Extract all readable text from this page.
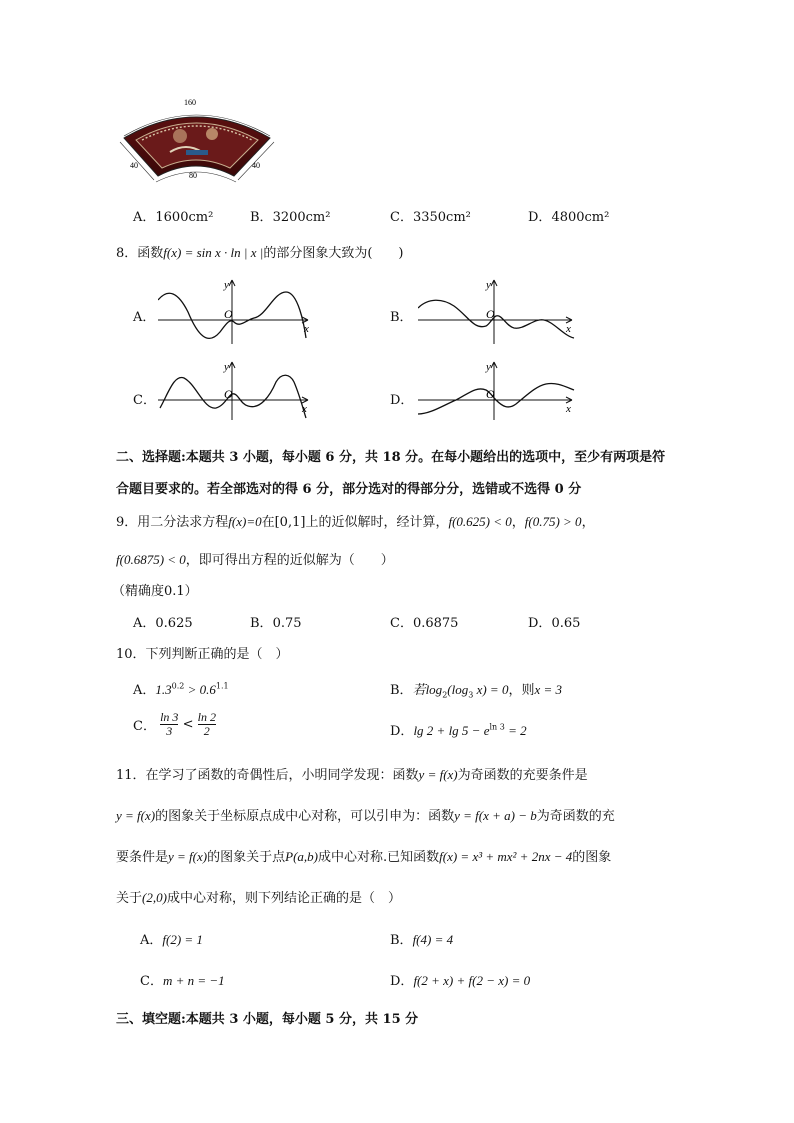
160
40	40
80
A．1600cm²	B．3200cm²	C．3350cm²	D．4800cm²
8．函数f(x) = sin x · ln | x |的部分图象大致为(　　)
A．	B．
C．	D．
y
x
O
y
x
O
y
x
O
y
x
O
二、选择题:本题共 3 小题，每小题 6 分，共 18 分。在每小题给出的选项中，至少有两项是符
合题目要求的。若全部选对的得 6 分，部分选对的得部分分，选错或不选得 0 分
9．用二分法求方程f(x)=0在[0,1]上的近似解时，经计算，f(0.625) < 0，f(0.75) > 0，
f(0.6875) < 0，即可得出方程的近似解为（　　）
（精确度0.1）
A．0.625	B．0.75	C．0.6875	D．0.65
10．下列判断正确的是（　）
A．$1.3^{0.2} > 0.6^{1.1}$	B．若$\log_2(\log_3$ x) = 0，则x = 3
C． $\frac{\ln 3}{3} < \frac{\ln 2}{2}$	D．$\lg 2 + \lg 5 - e^{ln 3} = 2$
11．在学习了函数的奇偶性后，小明同学发现：函数y = f(x)为奇函数的充要条件是
y = f(x)的图象关于坐标原点成中心对称，可以引申为：函数y = f(x + a) − b为奇函数的充
要条件是y = f(x)的图象关于点P(a,b)成中心对称.已知函数f(x) = x³ + mx² + 2nx − 4的图象
关于(2,0)成中心对称，则下列结论正确的是（　）
A．f(2) = 1	B．f(4) = 4
C．m + n = −1	D．f(2 + x) + f(2 − x) = 0
三、填空题:本题共 3 小题，每小题 5 分，共 15 分
